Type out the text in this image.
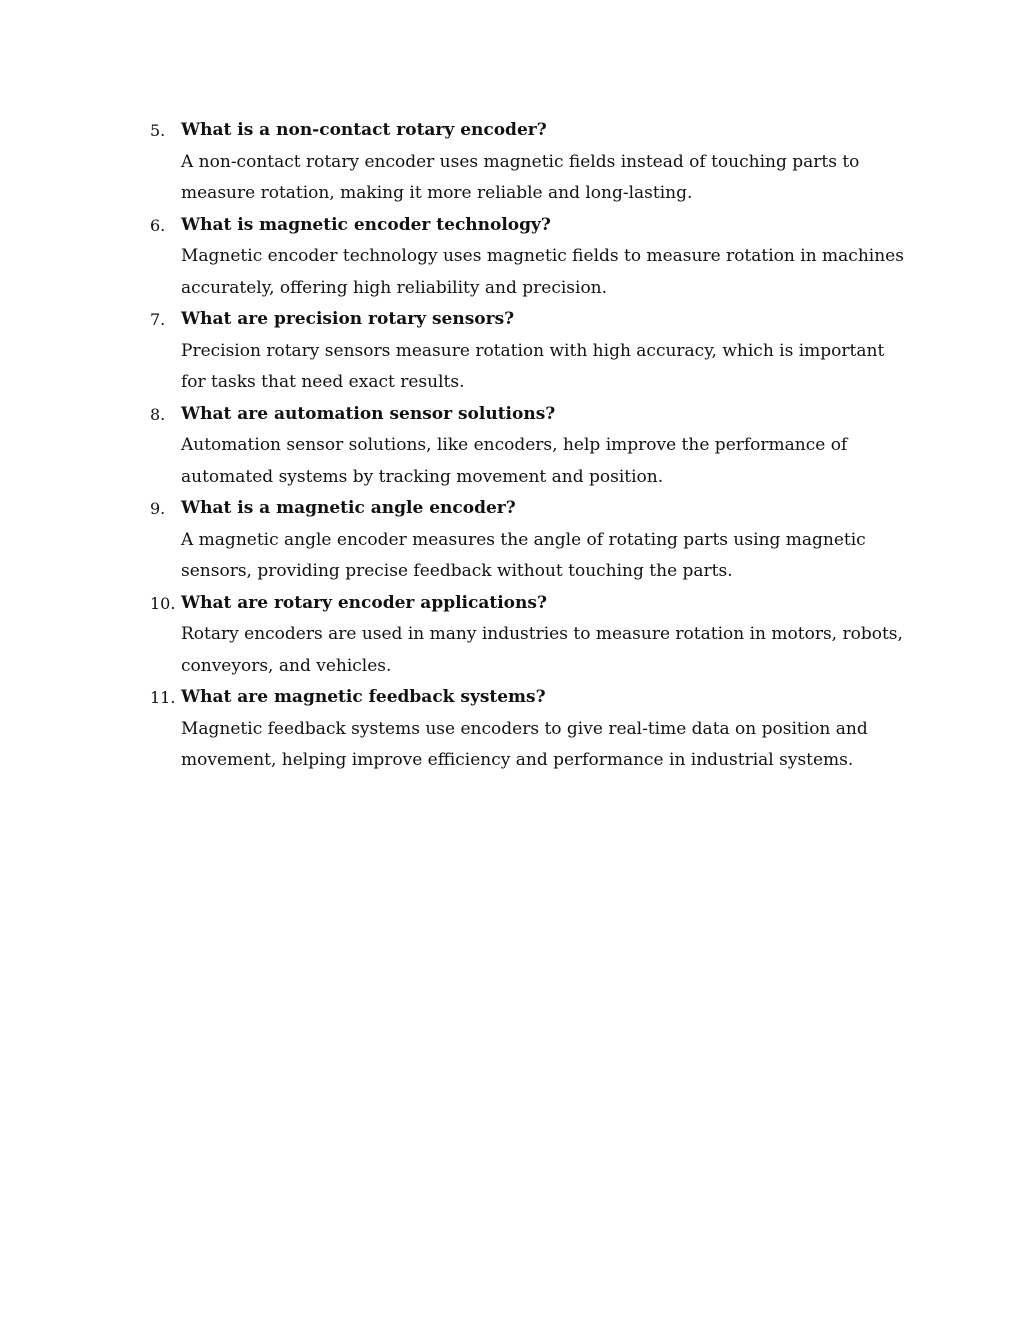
5. What is a non-contact rotary encoder?

A non-contact rotary encoder uses magnetic fields instead of touching parts to measure rotation, making it more reliable and long-lasting.

6. What is magnetic encoder technology?

Magnetic encoder technology uses magnetic fields to measure rotation in machines accurately, offering high reliability and precision.

7. What are precision rotary sensors?

Precision rotary sensors measure rotation with high accuracy, which is important for tasks that need exact results.

8. What are automation sensor solutions?

Automation sensor solutions, like encoders, help improve the performance of automated systems by tracking movement and position.

9. What is a magnetic angle encoder?

A magnetic angle encoder measures the angle of rotating parts using magnetic sensors, providing precise feedback without touching the parts.

10. What are rotary encoder applications?

Rotary encoders are used in many industries to measure rotation in motors, robots, conveyors, and vehicles.

11. What are magnetic feedback systems?

Magnetic feedback systems use encoders to give real-time data on position and movement, helping improve efficiency and performance in industrial systems.
